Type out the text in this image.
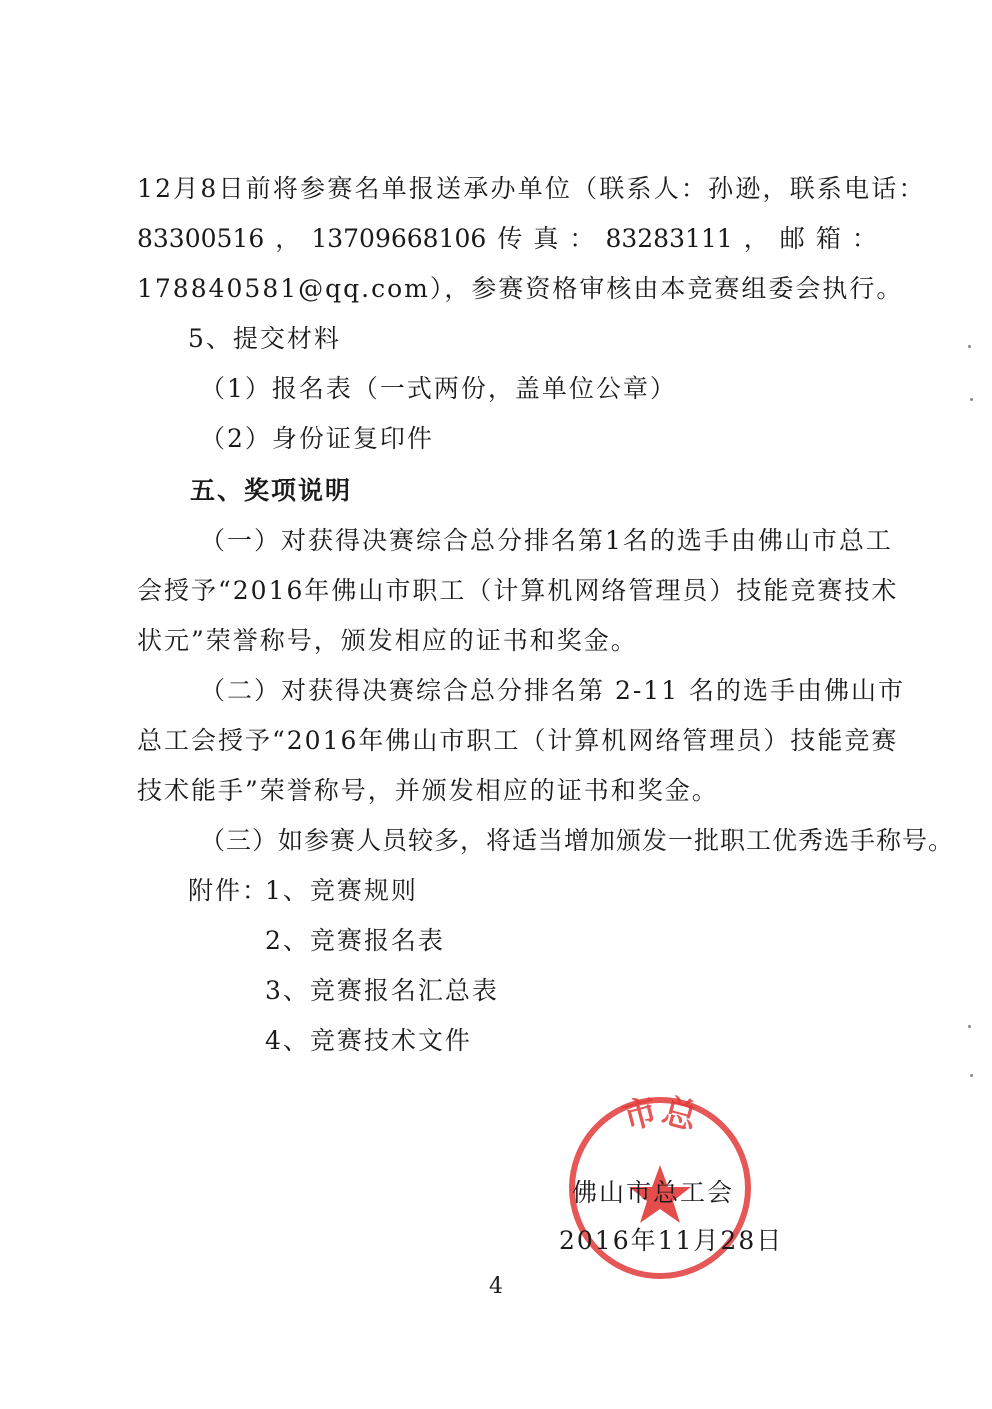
12月8日前将参赛名单报送承办单位（联系人：孙逊，联系电话：
83300516 ， 13709668106 传 真 ： 83283111 ， 邮 箱 ：
178840581@qq.com），参赛资格审核由本竞赛组委会执行。
5、提交材料
（1）报名表（一式两份，盖单位公章）
（2）身份证复印件
五、奖项说明
（一）对获得决赛综合总分排名第1名的选手由佛山市总工
会授予“2016年佛山市职工（计算机网络管理员）技能竞赛技术
状元”荣誉称号，颁发相应的证书和奖金。
（二）对获得决赛综合总分排名第 2-11 名的选手由佛山市
总工会授予“2016年佛山市职工（计算机网络管理员）技能竞赛
技术能手”荣誉称号，并颁发相应的证书和奖金。
（三）如参赛人员较多，将适当增加颁发一批职工优秀选手称号。
附件：
1、竞赛规则
2、竞赛报名表
3、竞赛报名汇总表
4、竞赛技术文件
市总
佛山市总工会
2016年11月28日
4
